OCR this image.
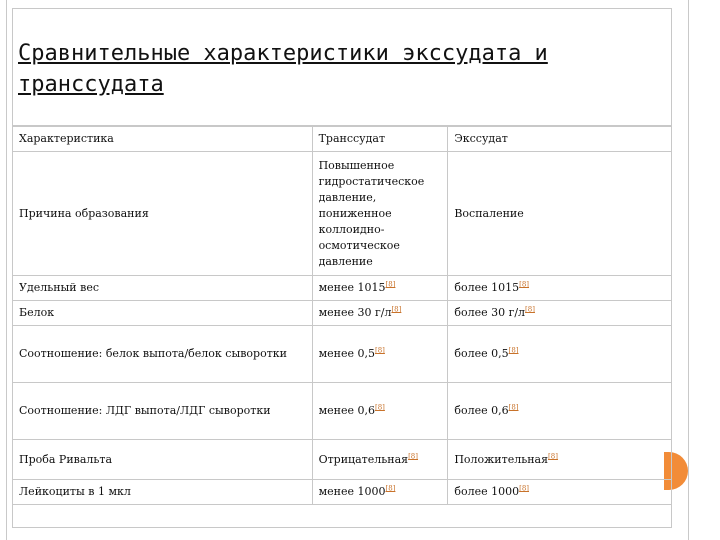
Сравнительные характеристики экссудата и транссудата
Характеристика	Транссудат	Экссудат
Причина образования	Повышенное гидростатическое давление, пониженное коллоидно-осмотическое давление	Воспаление
Удельный вес	менее 1015[8]	более 1015[8]
Белок	менее 30 г/л[8]	более 30 г/л[8]
Соотношение: белок выпота/белок сыворотки	менее 0,5[8]	более 0,5[8]
Соотношение: ЛДГ выпота/ЛДГ сыворотки	менее 0,6[8]	более 0,6[8]
Проба Ривальта	Отрицательная[8]	Положительная[8]
Лейкоциты в 1 мкл	менее 1000[8]	более 1000[8]
